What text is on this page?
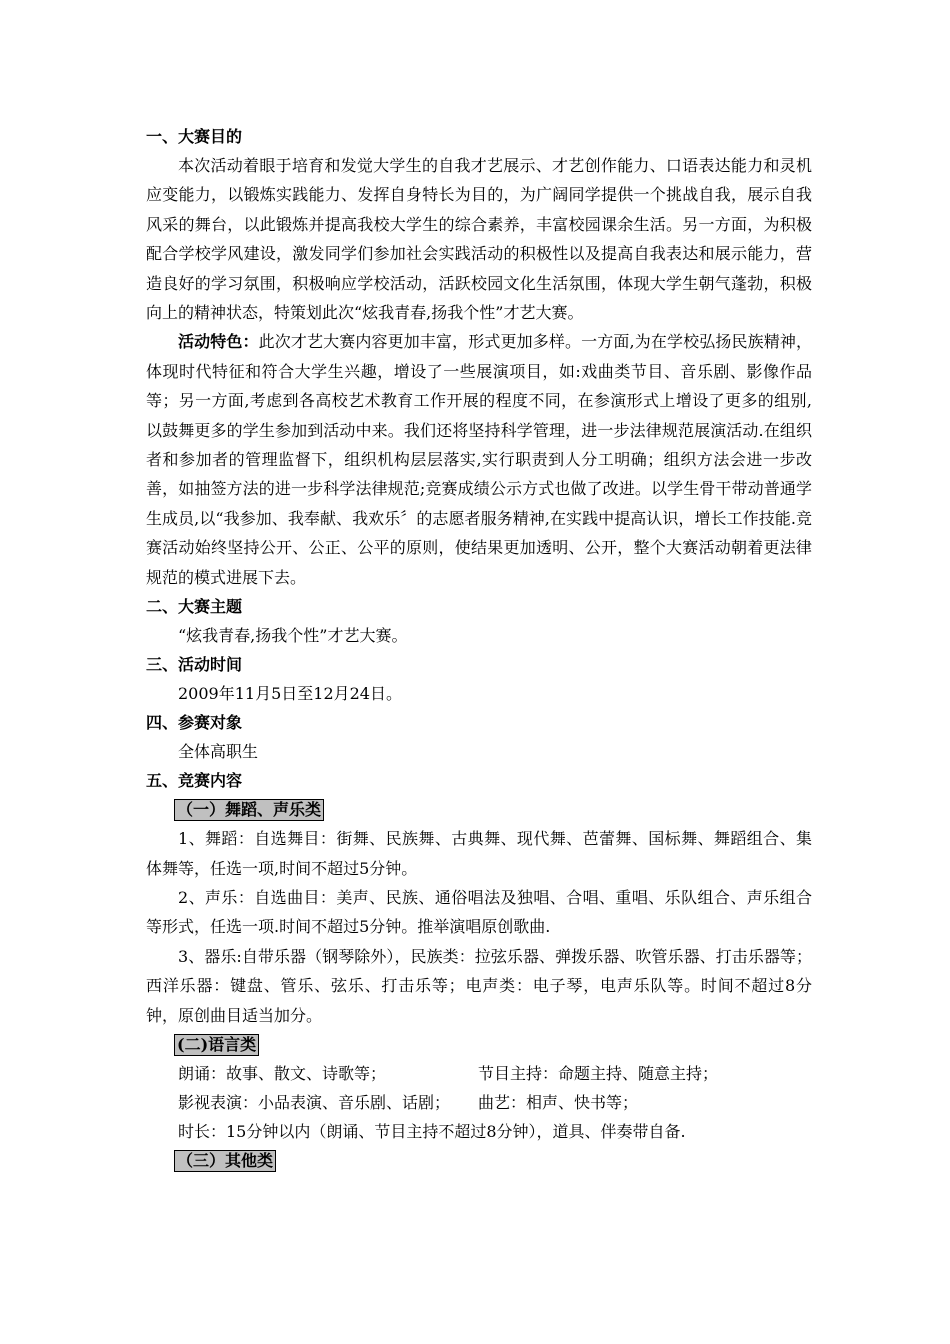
一、大赛目的

本次活动着眼于培育和发觉大学生的自我才艺展示、才艺创作能力、口语表达能力和灵机应变能力，以锻炼实践能力、发挥自身特长为目的，为广阔同学提供一个挑战自我，展示自我风采的舞台，以此锻炼并提高我校大学生的综合素养，丰富校园课余生活。另一方面，为积极配合学校学风建设，激发同学们参加社会实践活动的积极性以及提高自我表达和展示能力，营造良好的学习氛围，积极响应学校活动，活跃校园文化生活氛围，体现大学生朝气蓬勃，积极向上的精神状态，特策划此次“炫我青春,扬我个性”才艺大赛。

活动特色：此次才艺大赛内容更加丰富，形式更加多样。一方面,为在学校弘扬民族精神，体现时代特征和符合大学生兴趣，增设了一些展演项目，如:戏曲类节目、音乐剧、影像作品等；另一方面,考虑到各高校艺术教育工作开展的程度不同，在参演形式上增设了更多的组别,以鼓舞更多的学生参加到活动中来。我们还将坚持科学管理，进一步法律规范展演活动.在组织者和参加者的管理监督下，组织机构层层落实,实行职责到人分工明确；组织方法会进一步改善，如抽签方法的进一步科学法律规范;竞赛成绩公示方式也做了改进。以学生骨干带动普通学生成员,以“我参加、我奉献、我欢乐〞的志愿者服务精神,在实践中提高认识，增长工作技能.竞赛活动始终坚持公开、公正、公平的原则，使结果更加透明、公开，整个大赛活动朝着更法律规范的模式进展下去。

二、大赛主题
“炫我青春,扬我个性”才艺大赛。
三、活动时间
2009年11月5日至12月24日。
四、参赛对象
全体高职生
五、竞赛内容
（一）舞蹈、声乐类

1、舞蹈：自选舞目：街舞、民族舞、古典舞、现代舞、芭蕾舞、国标舞、舞蹈组合、集体舞等，任选一项,时间不超过5分钟。

2、声乐：自选曲目：美声、民族、通俗唱法及独唱、合唱、重唱、乐队组合、声乐组合等形式，任选一项.时间不超过5分钟。推举演唱原创歌曲.

3、器乐:自带乐器（钢琴除外），民族类：拉弦乐器、弹拨乐器、吹管乐器、打击乐器等；西洋乐器：键盘、管乐、弦乐、打击乐等；电声类：电子琴，电声乐队等。时间不超过8分钟，原创曲目适当加分。

(二)语言类
朗诵：故事、散文、诗歌等；	节目主持：命题主持、随意主持；
影视表演：小品表演、音乐剧、话剧； 曲艺：相声、快书等；
时长：15分钟以内（朗诵、节目主持不超过8分钟），道具、伴奏带自备.
（三）其他类
